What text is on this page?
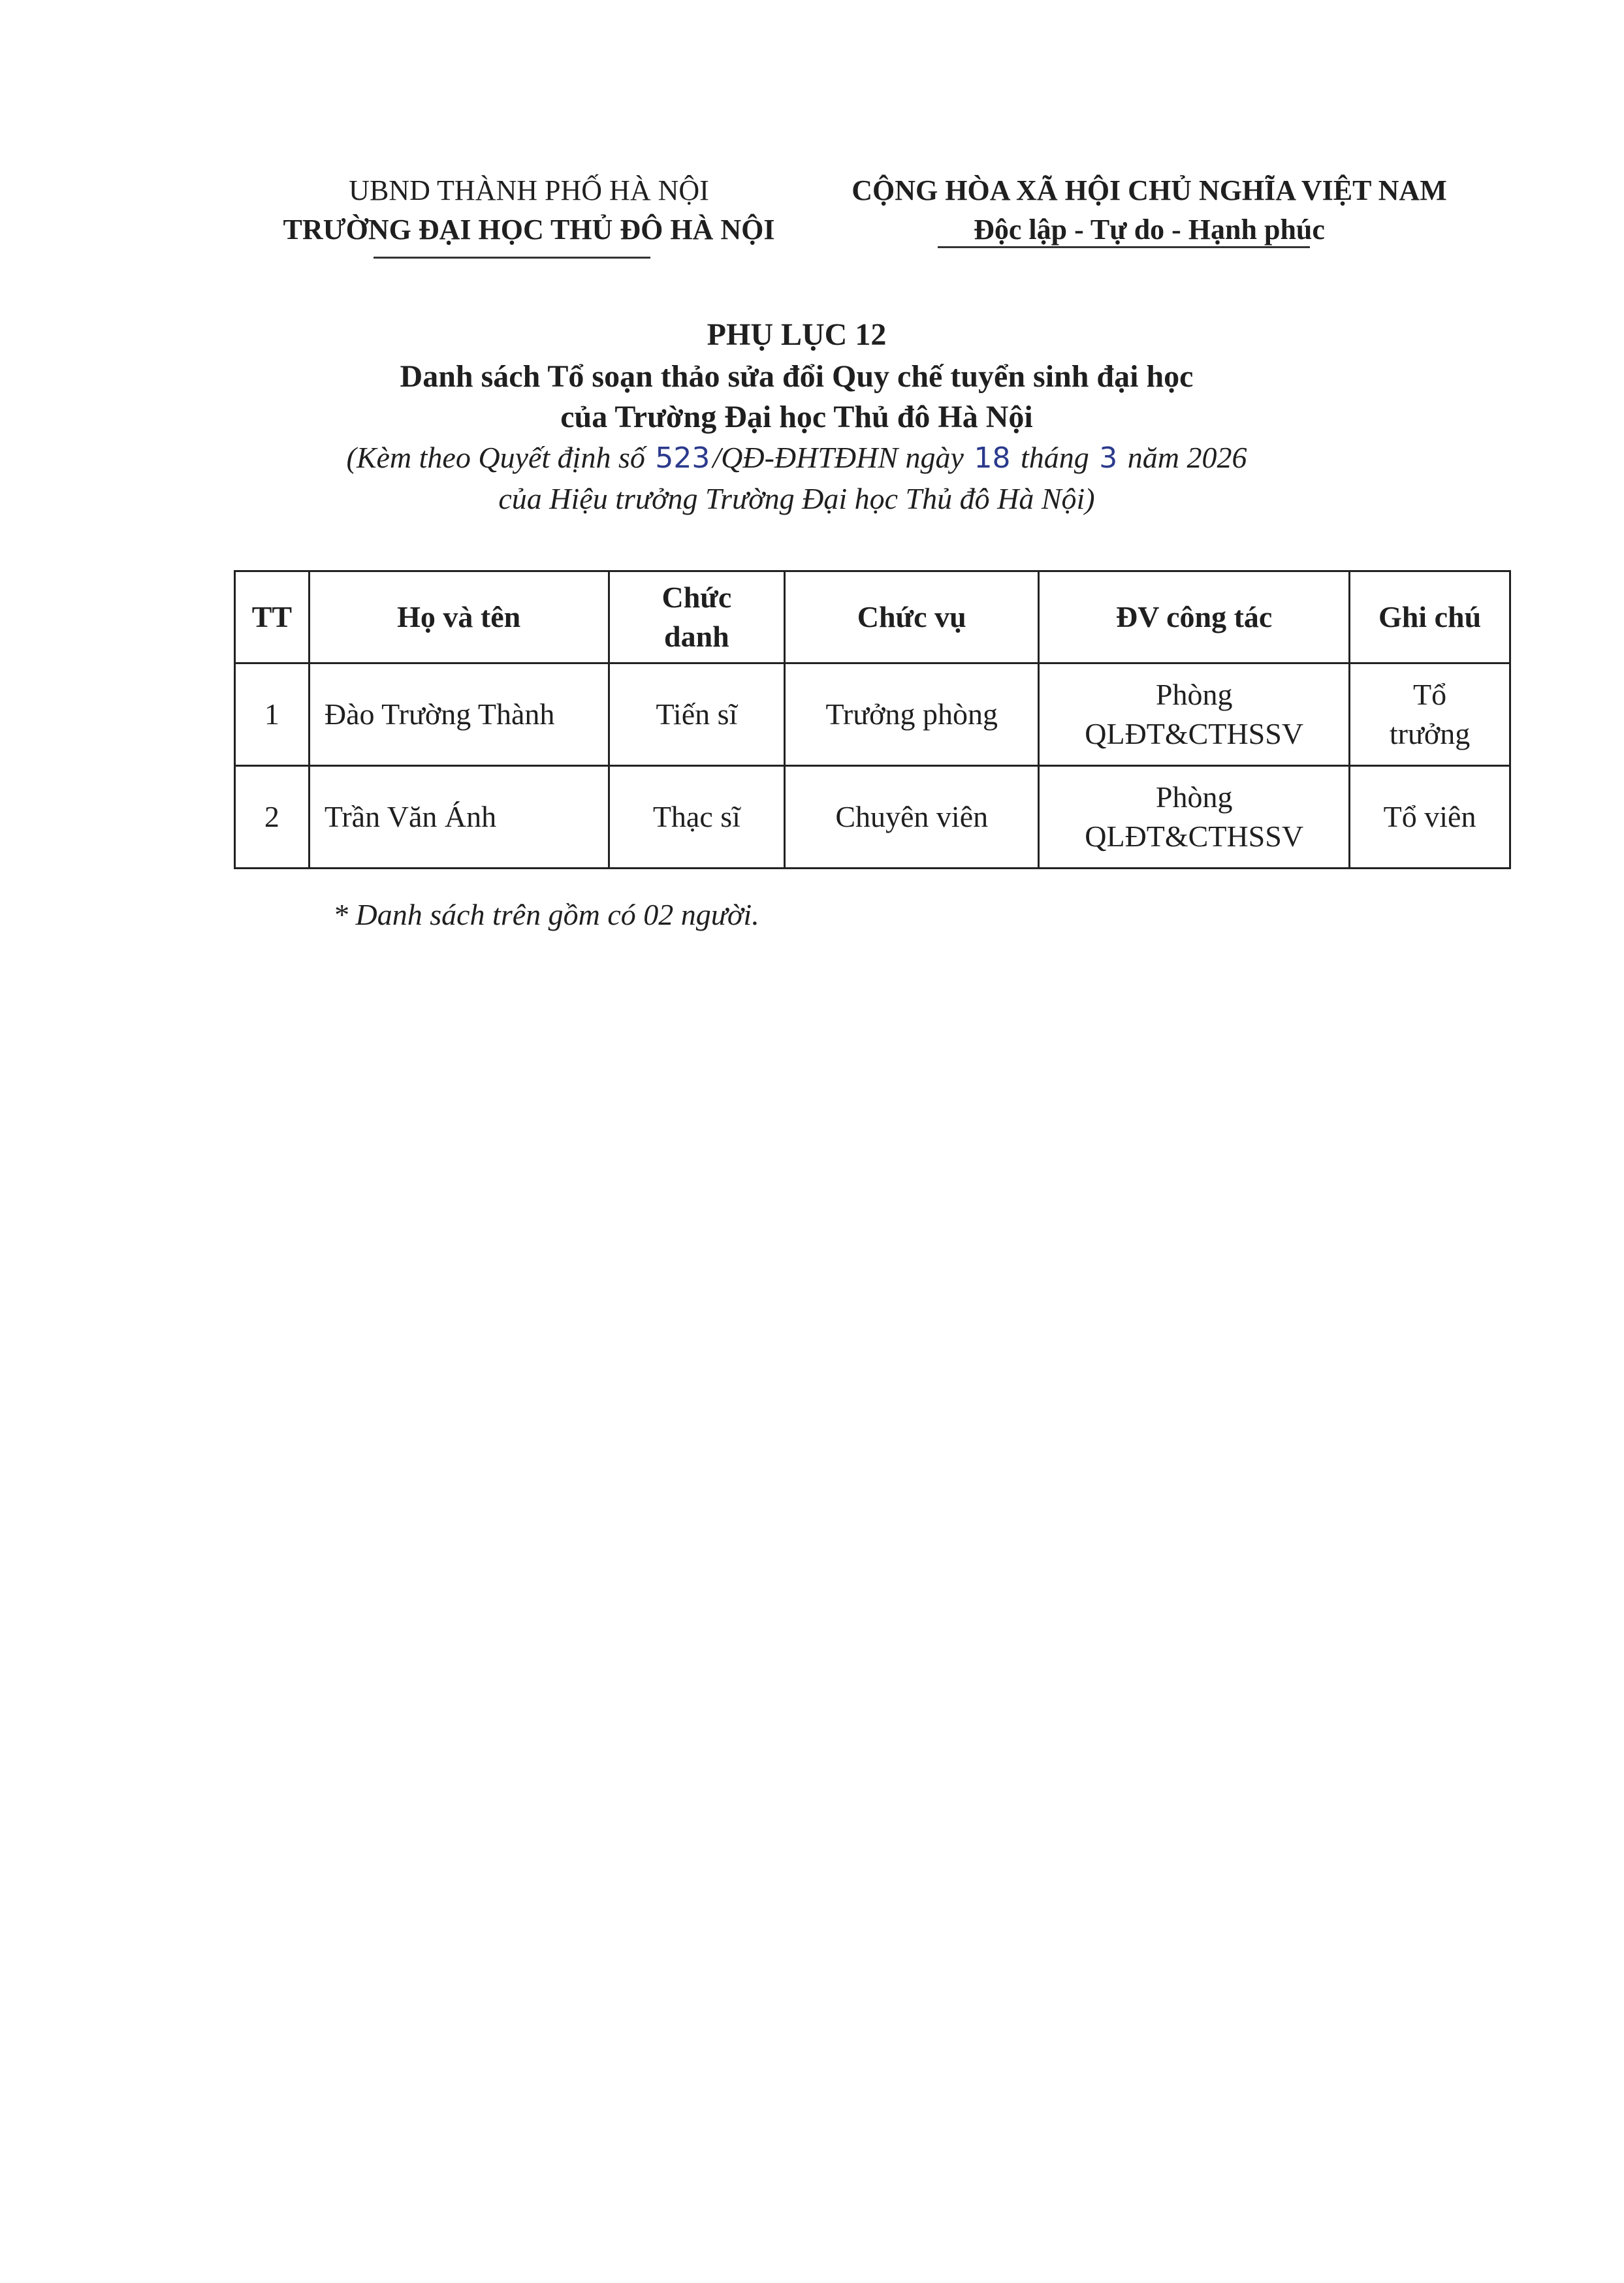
UBND THÀNH PHỐ HÀ NỘI
TRƯỜNG ĐẠI HỌC THỦ ĐÔ HÀ NỘI
CỘNG HÒA XÃ HỘI CHỦ NGHĨA VIỆT NAM
Độc lập - Tự do - Hạnh phúc
PHỤ LỤC 12
Danh sách Tổ soạn thảo sửa đổi Quy chế tuyển sinh đại học
của Trường Đại học Thủ đô Hà Nội
(Kèm theo Quyết định số 523/QĐ-ĐHTĐHN ngày 18 tháng 3 năm 2026
của Hiệu trưởng Trường Đại học Thủ đô Hà Nội)
TT	Họ và tên	Chức danh	Chức vụ	ĐV công tác	Ghi chú
1	Đào Trường Thành	Tiến sĩ	Trưởng phòng	Phòng QLĐT&CTHSSV	Tổ trưởng
2	Trần Văn Ánh	Thạc sĩ	Chuyên viên	Phòng QLĐT&CTHSSV	Tổ viên
* Danh sách trên gồm có 02 người.
